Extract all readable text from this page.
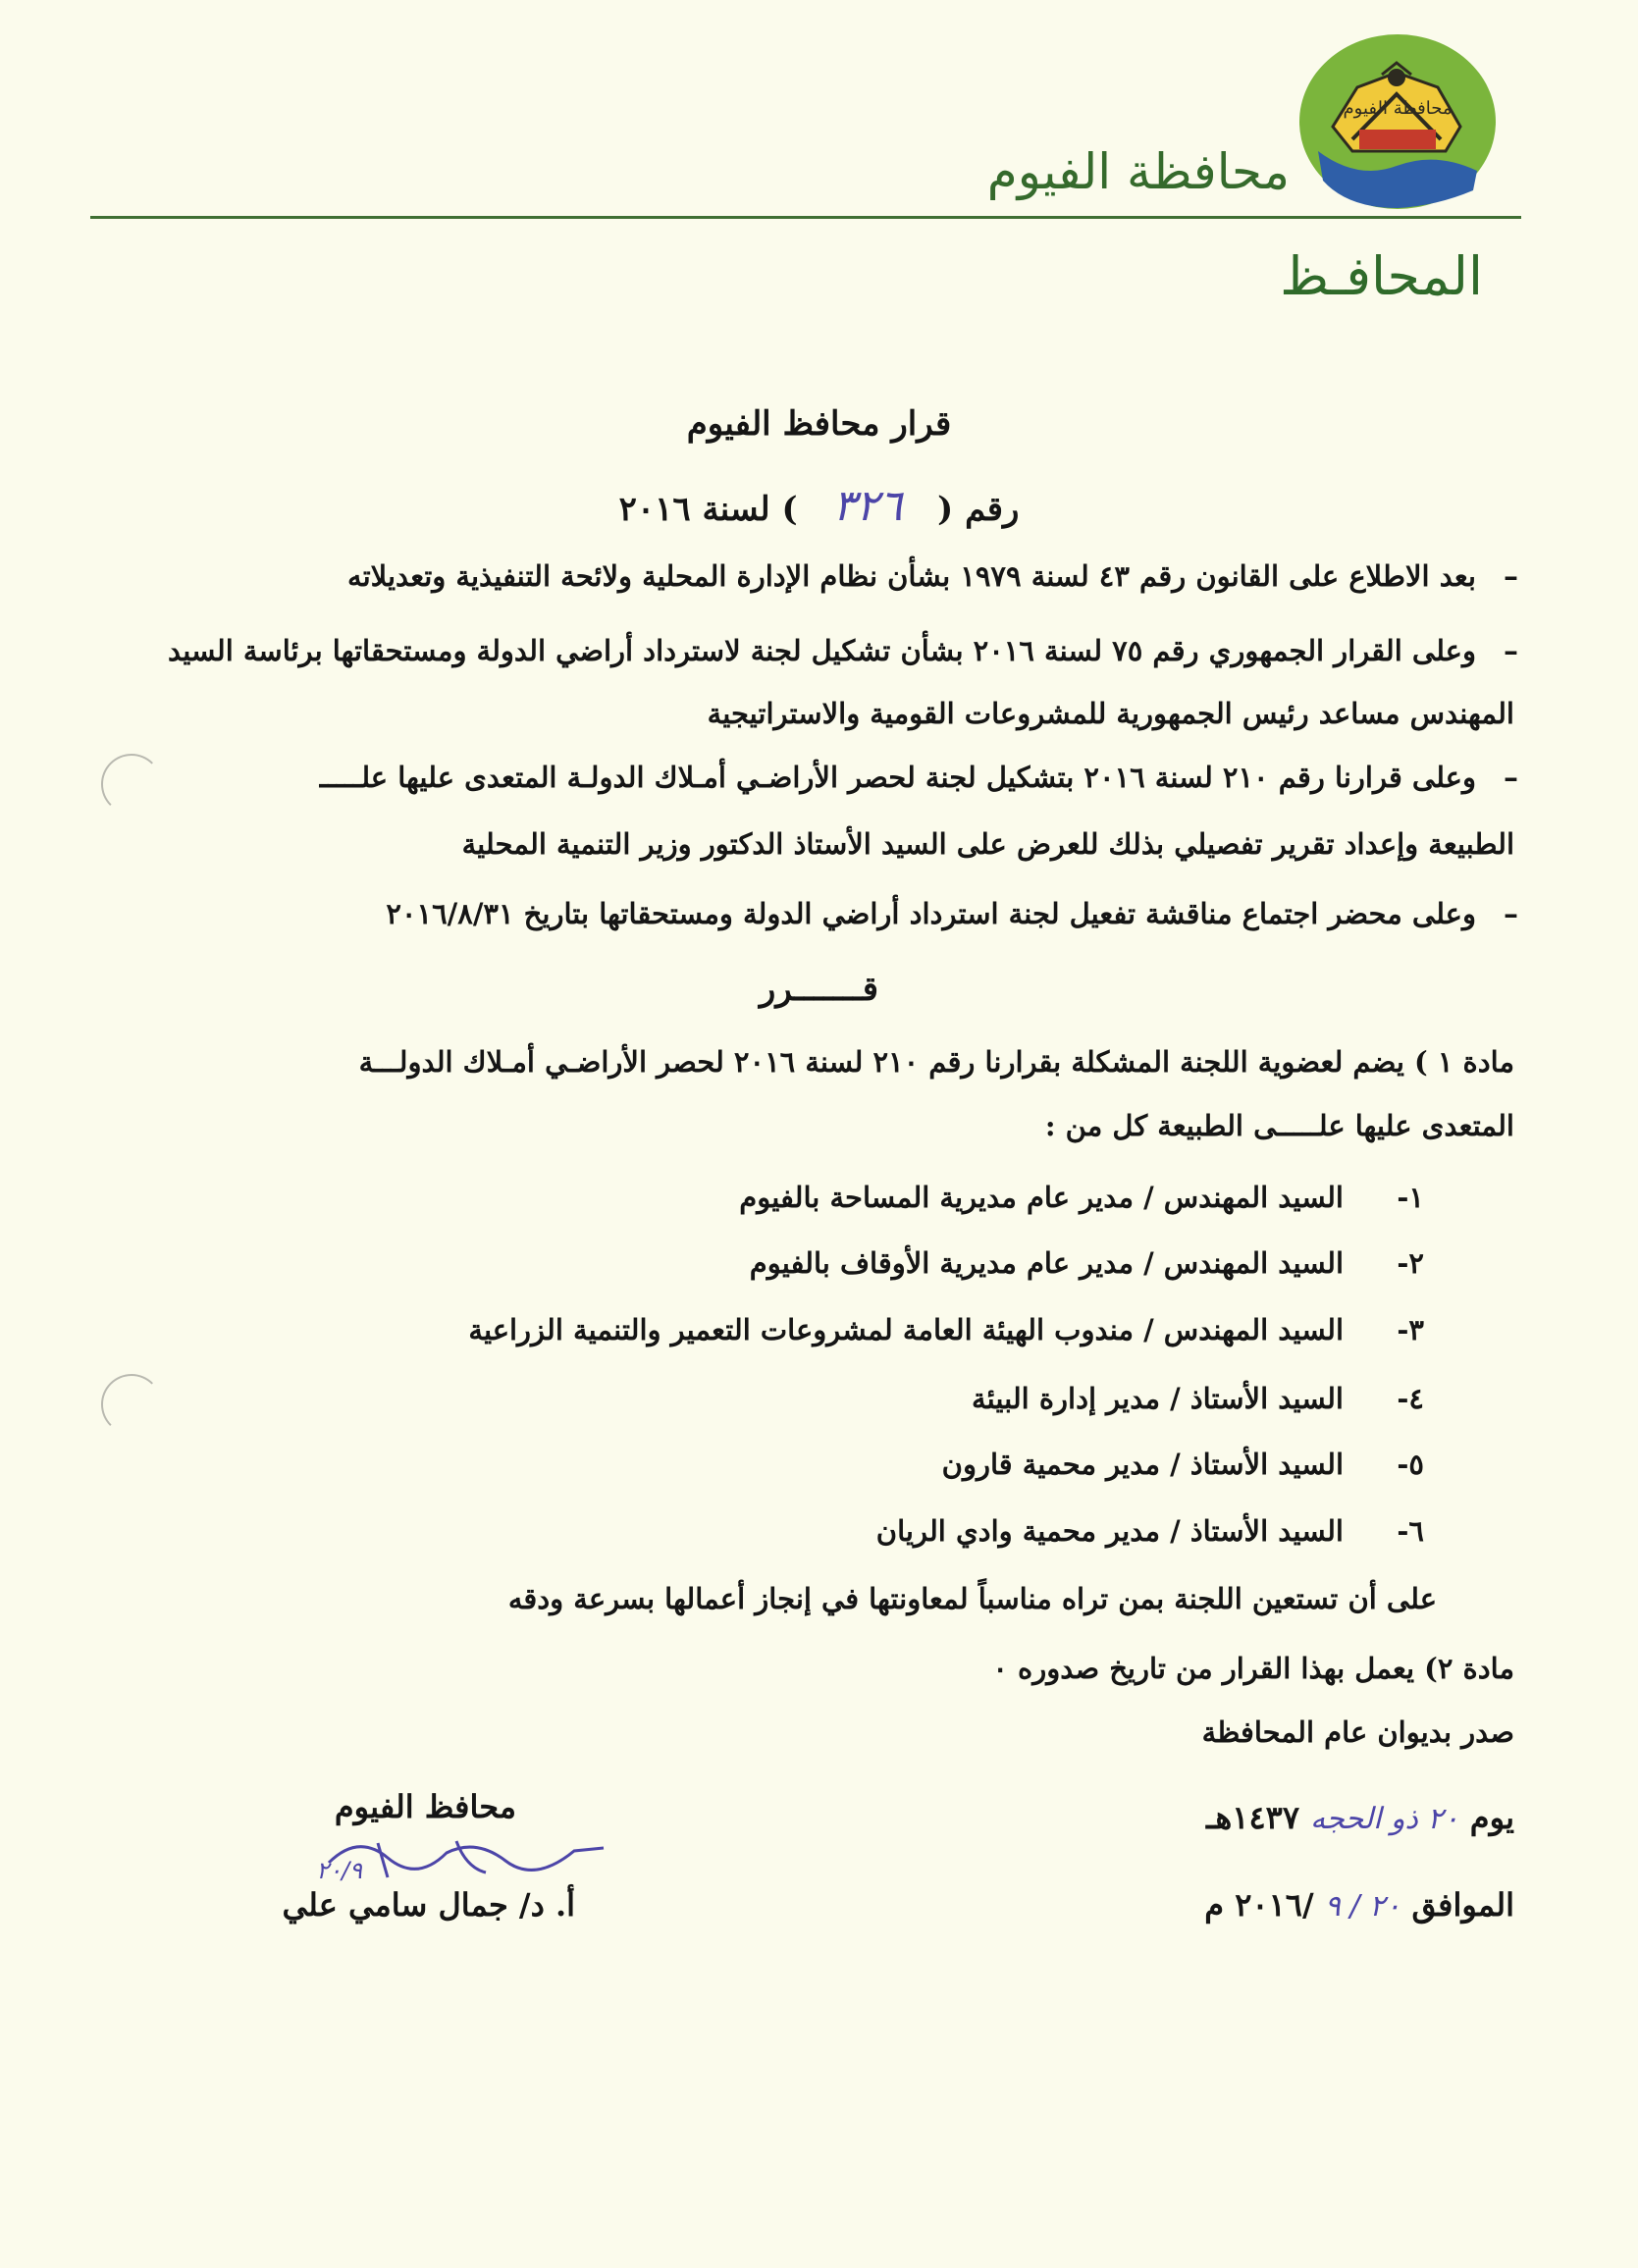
محافظة الفيوم
محافظة الفيوم
المحافـظ
قرار محافظ الفيوم
رقم ( ٣٢٦ ) لسنة ٢٠١٦
–
بعد الاطلاع على القانون رقم ٤٣ لسنة ١٩٧٩ بشأن نظام الإدارة المحلية ولائحة التنفيذية وتعديلاته
–
وعلى القرار الجمهوري رقم ٧٥ لسنة ٢٠١٦ بشأن تشكيل لجنة لاسترداد أراضي الدولة ومستحقاتها برئاسة السيد
المهندس مساعد رئيس الجمهورية للمشروعات القومية والاستراتيجية
–
وعلى قرارنا رقم ٢١٠ لسنة ٢٠١٦ بتشكيل لجنة لحصر الأراضـي أمـلاك الدولـة المتعدى عليها علـــــ
الطبيعة وإعداد تقرير تفصيلي بذلك للعرض على السيد الأستاذ الدكتور وزير التنمية المحلية
–
وعلى محضر اجتماع مناقشة تفعيل لجنة استرداد أراضي الدولة ومستحقاتها بتاريخ ٢٠١٦/٨/٣١
قـــــــرر
مادة ١ ) يضم لعضوية اللجنة المشكلة بقرارنا رقم ٢١٠ لسنة ٢٠١٦ لحصر الأراضـي أمـلاك الدولـــة
المتعدى عليها علـــــى الطبيعة كل من :
١-
السيد المهندس / مدير عام مديرية المساحة بالفيوم
٢-
السيد المهندس / مدير عام مديرية الأوقاف بالفيوم
٣-
السيد المهندس / مندوب الهيئة العامة لمشروعات التعمير والتنمية الزراعية
٤-
السيد الأستاذ / مدير إدارة البيئة
٥-
السيد الأستاذ / مدير محمية قارون
٦-
السيد الأستاذ / مدير محمية وادي الريان
على أن تستعين اللجنة بمن تراه مناسباً لمعاونتها في إنجاز أعمالها بسرعة ودقه
مادة ٢) يعمل بهذا القرار من تاريخ صدوره ٠
صدر بديوان عام المحافظة
يوم ٢٠ ذو الحجه ١٤٣٧هـ
الموافق ٢٠ / ٩ /٢٠١٦ م
محافظ الفيوم
أ. د/ جمال سامي علي
٢٠/٩
